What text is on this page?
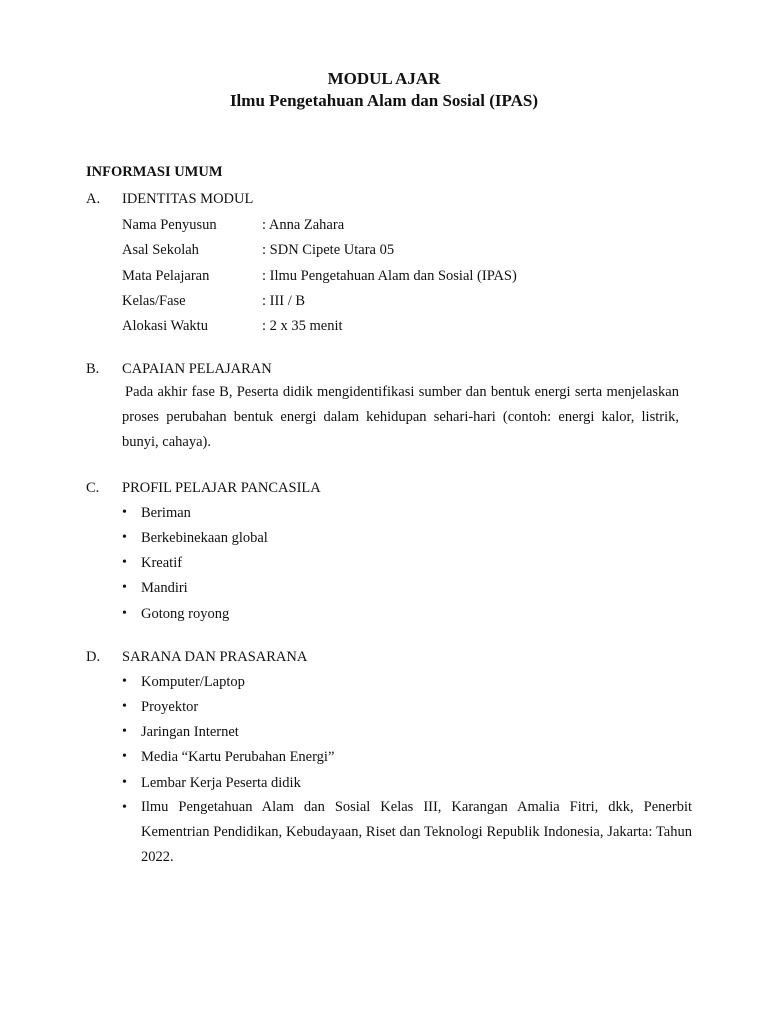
MODUL AJAR
Ilmu Pengetahuan Alam dan Sosial (IPAS)
INFORMASI UMUM
A. IDENTITAS MODUL
Nama Penyusun	: Anna Zahara
Asal Sekolah	: SDN Cipete Utara 05
Mata Pelajaran	: Ilmu Pengetahuan Alam dan Sosial (IPAS)
Kelas/Fase	: III / B
Alokasi Waktu	: 2 x 35 menit
B. CAPAIAN PELAJARAN
Pada akhir fase B, Peserta didik mengidentifikasi sumber dan bentuk energi serta menjelaskan proses perubahan bentuk energi dalam kehidupan sehari-hari (contoh: energi kalor, listrik, bunyi, cahaya).
C. PROFIL PELAJAR PANCASILA
• Beriman
• Berkebinekaan global
• Kreatif
• Mandiri
• Gotong royong
D. SARANA DAN PRASARANA
• Komputer/Laptop
• Proyektor
• Jaringan Internet
• Media “Kartu Perubahan Energi”
• Lembar Kerja Peserta didik
• Ilmu Pengetahuan Alam dan Sosial Kelas III, Karangan Amalia Fitri, dkk, Penerbit Kementrian Pendidikan, Kebudayaan, Riset dan Teknologi Republik Indonesia, Jakarta: Tahun 2022.
